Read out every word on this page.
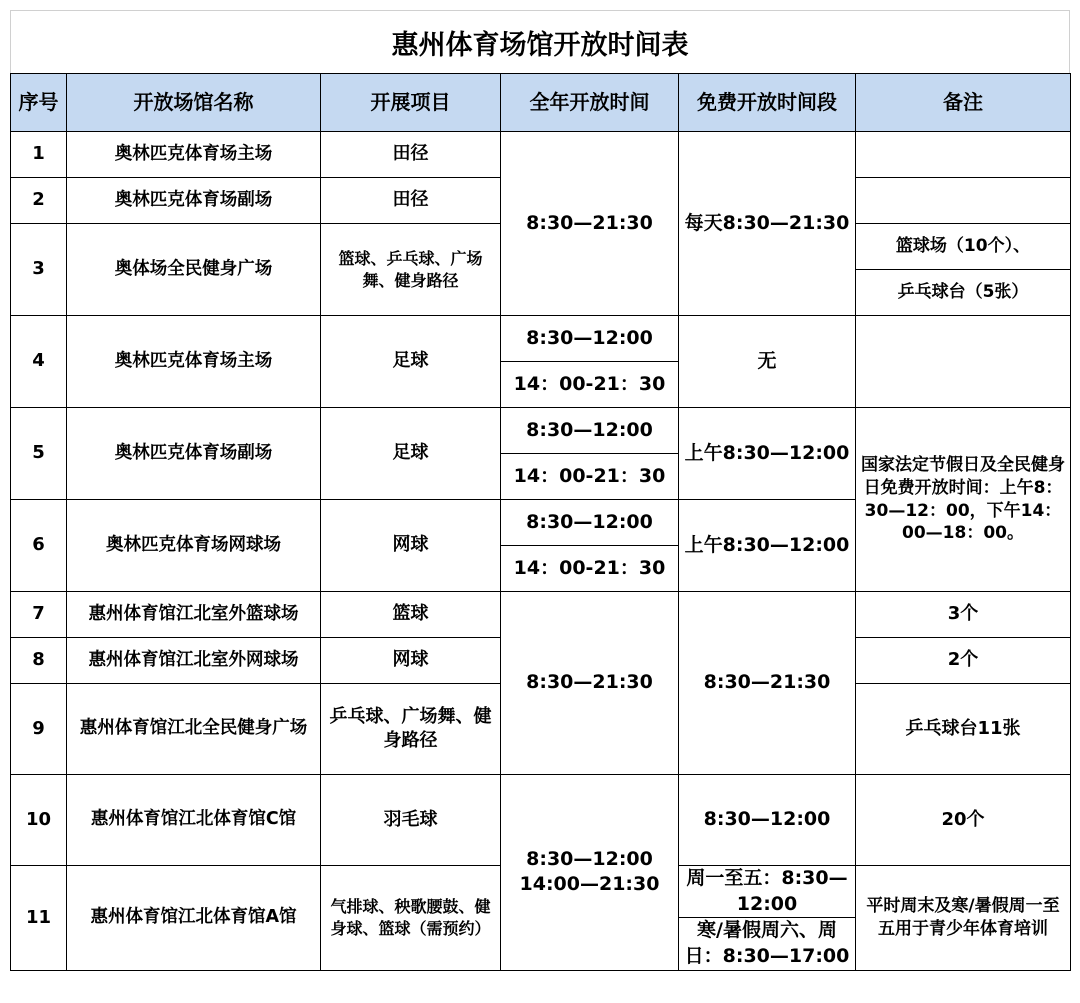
惠州体育场馆开放时间表
序号	开放场馆名称	开展项目	全年开放时间	免费开放时间段	备注
1	奥林匹克体育场主场	田径	8:30—21:30	每天8:30—21:30	
2	奥林匹克体育场副场	田径			
3	奥体场全民健身广场	篮球、乒乓球、广场舞、健身路径			篮球场（10个）、
					乒乓球台（5张）
4	奥林匹克体育场主场	足球	8:30—12:00	无	
			14：00-21：30		
5	奥林匹克体育场副场	足球	8:30—12:00	上午8:30—12:00	国家法定节假日及全民健身日免费开放时间：上午8：30—12：00，下午14：00—18：00。
			14：00-21：30		
6	奥林匹克体育场网球场	网球	8:30—12:00	上午8:30—12:00	
			14：00-21：30		
7	惠州体育馆江北室外篮球场	篮球	8:30—21:30	8:30—21:30	3个
8	惠州体育馆江北室外网球场	网球			2个
9	惠州体育馆江北全民健身广场	乒乓球、广场舞、健身路径			乒乓球台11张
10	惠州体育馆江北体育馆C馆	羽毛球	8:30—12:00 14:00—21:30	8:30—12:00	20个
11	惠州体育馆江北体育馆A馆	气排球、秧歌腰鼓、健身球、篮球（需预约）		周一至五：8:30—12:00	平时周末及寒/暑假周一至五用于青少年体育培训
				寒/暑假周六、周日：8:30—17:00	
